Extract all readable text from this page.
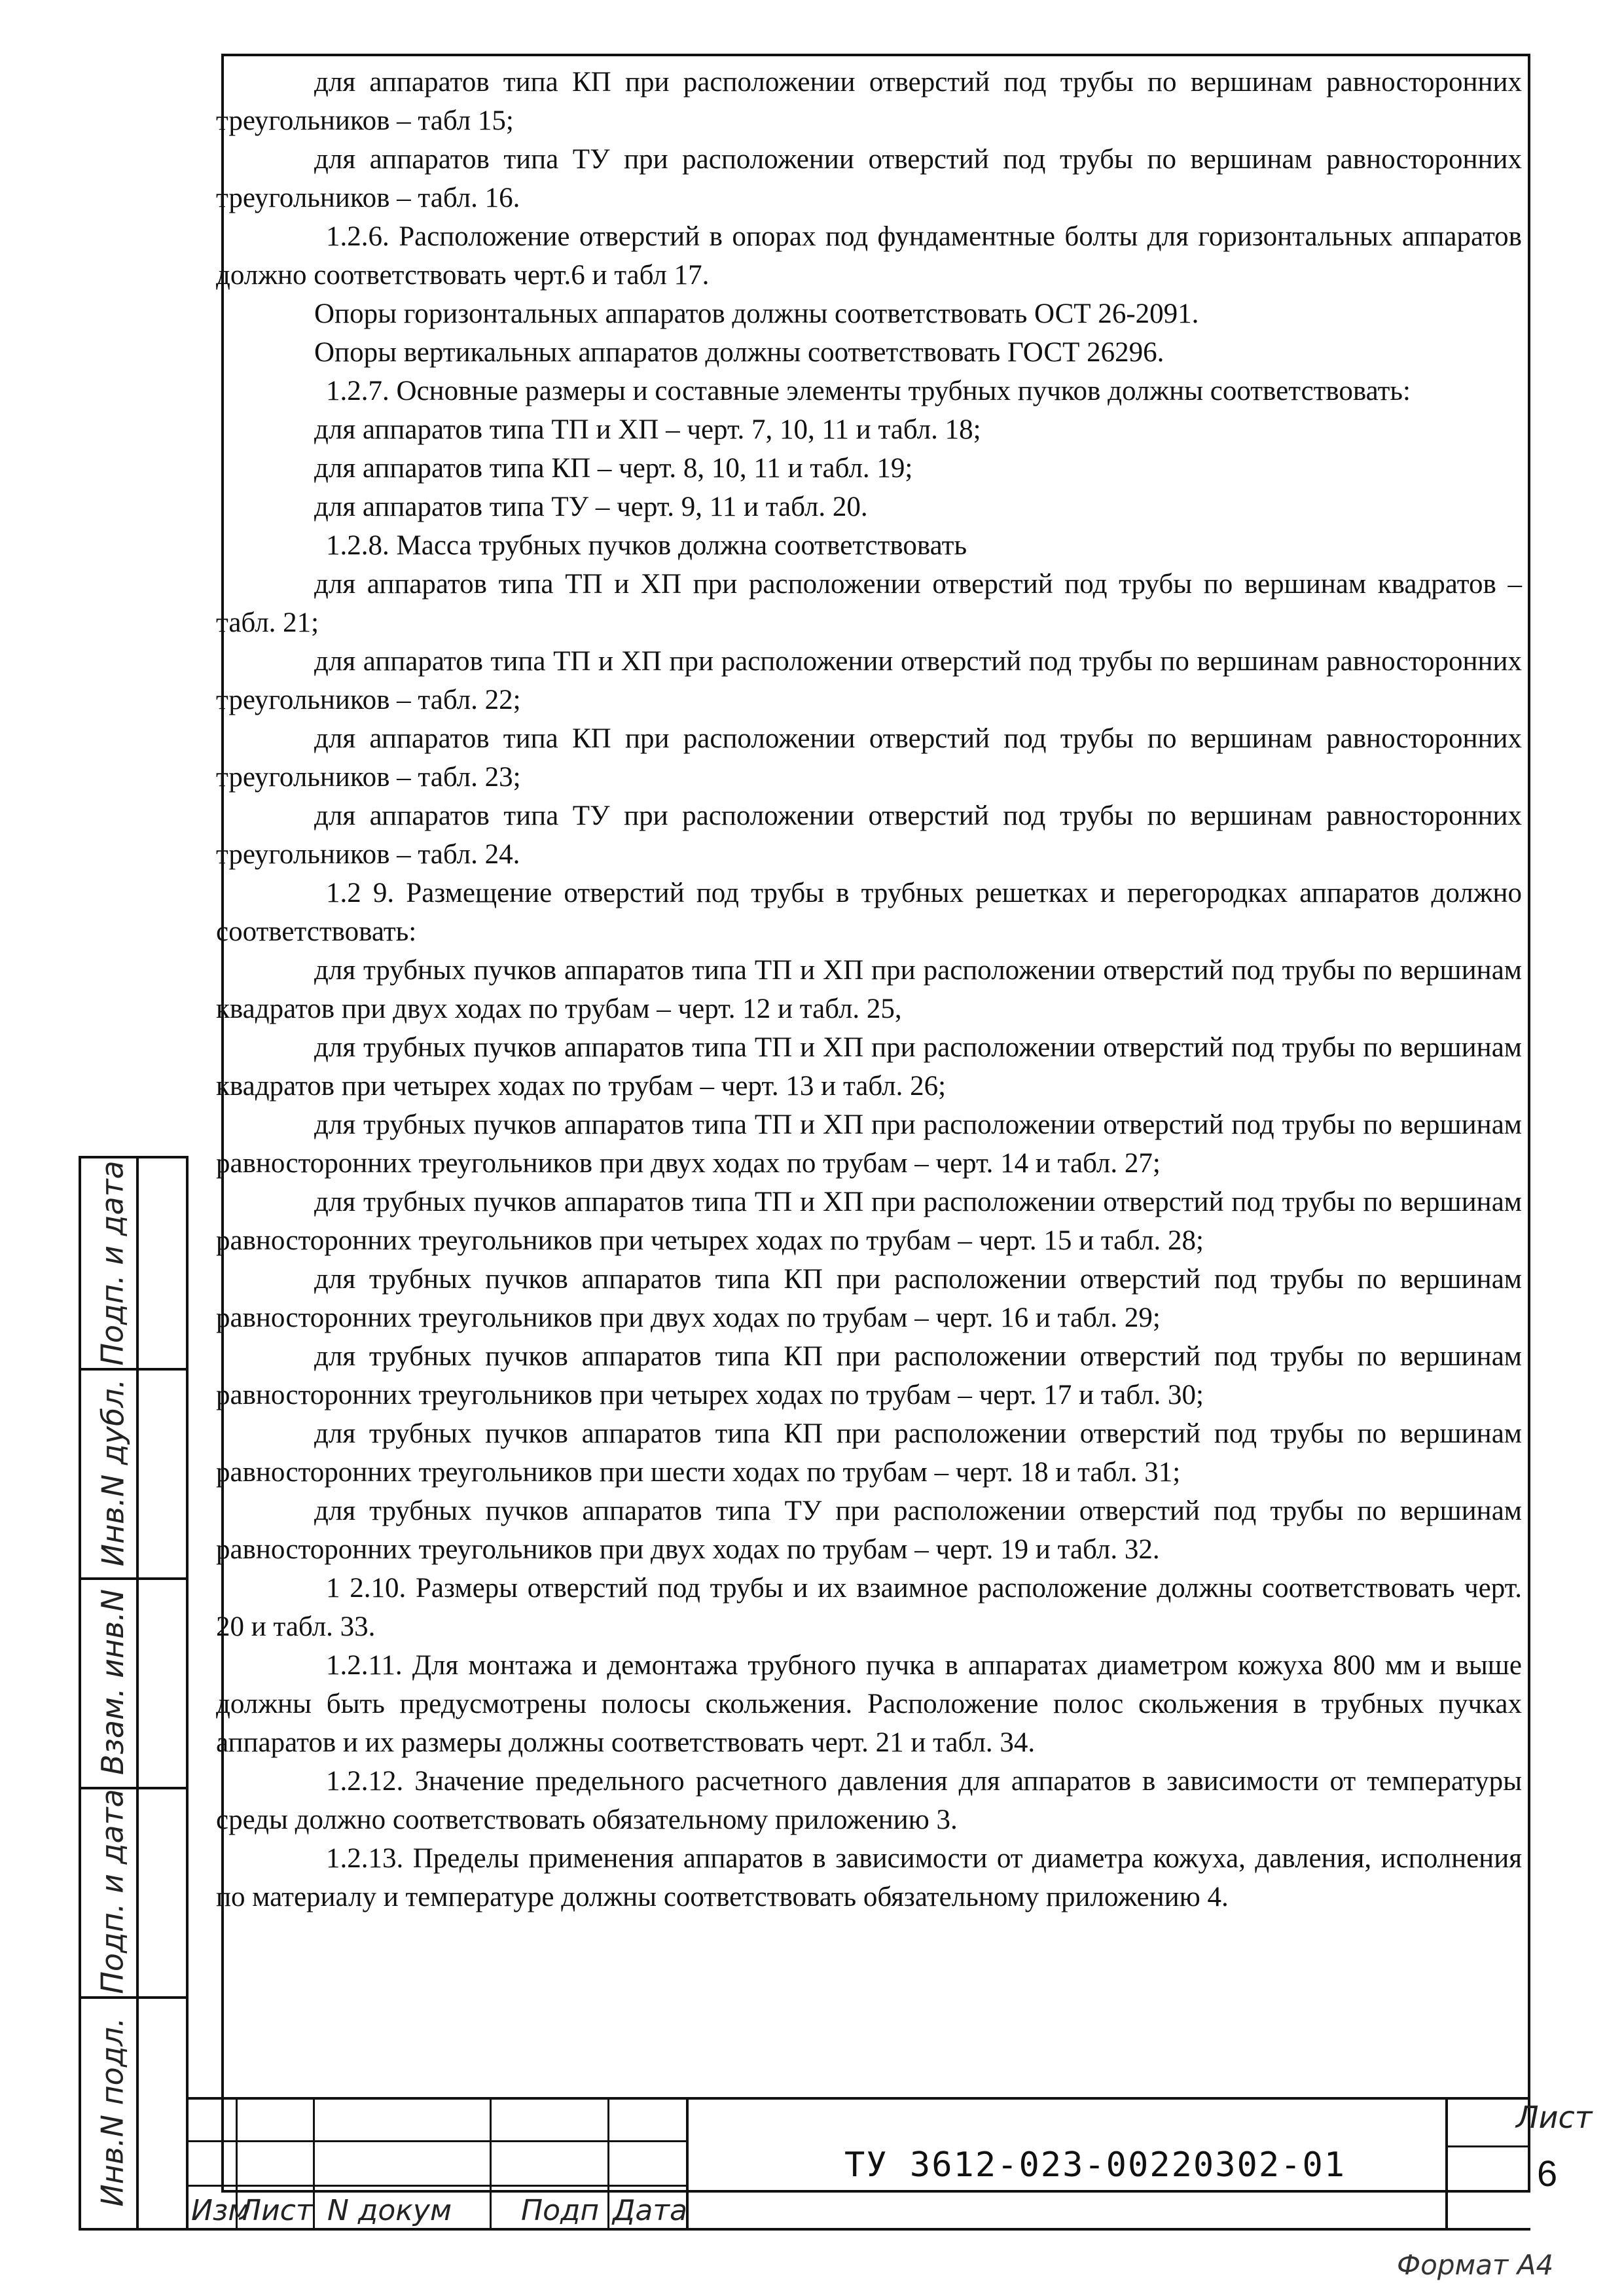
для аппаратов типа КП при расположении отверстий под трубы по вершинам равносторонних треугольников – табл 15;

для аппаратов типа ТУ при расположении отверстий под трубы по вершинам равносторонних треугольников – табл. 16.

1.2.6. Расположение отверстий в опорах под фундаментные болты для горизонтальных аппаратов должно соответствовать черт.6 и табл 17.

Опоры горизонтальных аппаратов должны соответствовать ОСТ 26-2091.

Опоры вертикальных аппаратов должны соответствовать ГОСТ 26296.

1.2.7. Основные размеры и составные элементы трубных пучков должны соответствовать:

для аппаратов типа ТП и ХП – черт. 7, 10, 11 и табл. 18;

для аппаратов типа КП – черт. 8, 10, 11 и табл. 19;

для аппаратов типа ТУ – черт. 9, 11 и табл. 20.

1.2.8. Масса трубных пучков должна соответствовать

для аппаратов типа ТП и ХП при расположении отверстий под трубы по вершинам квадратов – табл. 21;

для аппаратов типа ТП и ХП при расположении отверстий под трубы по вершинам равносторонних треугольников – табл. 22;

для аппаратов типа КП при расположении отверстий под трубы по вершинам равносторонних треугольников – табл. 23;

для аппаратов типа ТУ при расположении отверстий под трубы по вершинам равносторонних треугольников – табл. 24.

1.2 9. Размещение отверстий под трубы в трубных решетках и перегородках аппаратов должно соответствовать:

для трубных пучков аппаратов типа ТП и ХП при расположении отверстий под трубы по вершинам квадратов при двух ходах по трубам – черт. 12 и табл. 25,

для трубных пучков аппаратов типа ТП и ХП при расположении отверстий под трубы по вершинам квадратов при четырех ходах по трубам – черт. 13 и табл. 26;

для трубных пучков аппаратов типа ТП и ХП при расположении отверстий под трубы по вершинам равносторонних треугольников при двух ходах по трубам – черт. 14 и табл. 27;

для трубных пучков аппаратов типа ТП и ХП при расположении отверстий под трубы по вершинам равносторонних треугольников при четырех ходах по трубам – черт. 15 и табл. 28;

для трубных пучков аппаратов типа КП при расположении отверстий под трубы по вершинам равносторонних треугольников при двух ходах по трубам – черт. 16 и табл. 29;

для трубных пучков аппаратов типа КП при расположении отверстий под трубы по вершинам равносторонних треугольников при четырех ходах по трубам – черт. 17 и табл. 30;

для трубных пучков аппаратов типа КП при расположении отверстий под трубы по вершинам равносторонних треугольников при шести ходах по трубам – черт. 18 и табл. 31;

для трубных пучков аппаратов типа ТУ при расположении отверстий под трубы по вершинам равносторонних треугольников при двух ходах по трубам – черт. 19 и табл. 32.

1 2.10. Размеры отверстий под трубы и их взаимное расположение должны соответствовать черт. 20 и табл. 33.

1.2.11. Для монтажа и демонтажа трубного пучка в аппаратах диаметром кожуха 800 мм и выше должны быть предусмотрены полосы скольжения. Расположение полос скольжения в трубных пучках аппаратов и их размеры должны соответствовать черт. 21 и табл. 34.

1.2.12. Значение предельного расчетного давления для аппаратов в зависимости от температуры среды должно соответствовать обязательному приложению 3.

1.2.13. Пределы применения аппаратов в зависимости от диаметра кожуха, давления, исполнения по материалу и температуре должны соответствовать обязательному приложению 4.

Подп. и дата
Инв.N дубл.
Взам. инв.N
Подп. и дата
Инв.N подл.
Изм
Лист N докум Подп Дата
ТУ 3612-023-00220302-01
Лист
6
Формат А4
